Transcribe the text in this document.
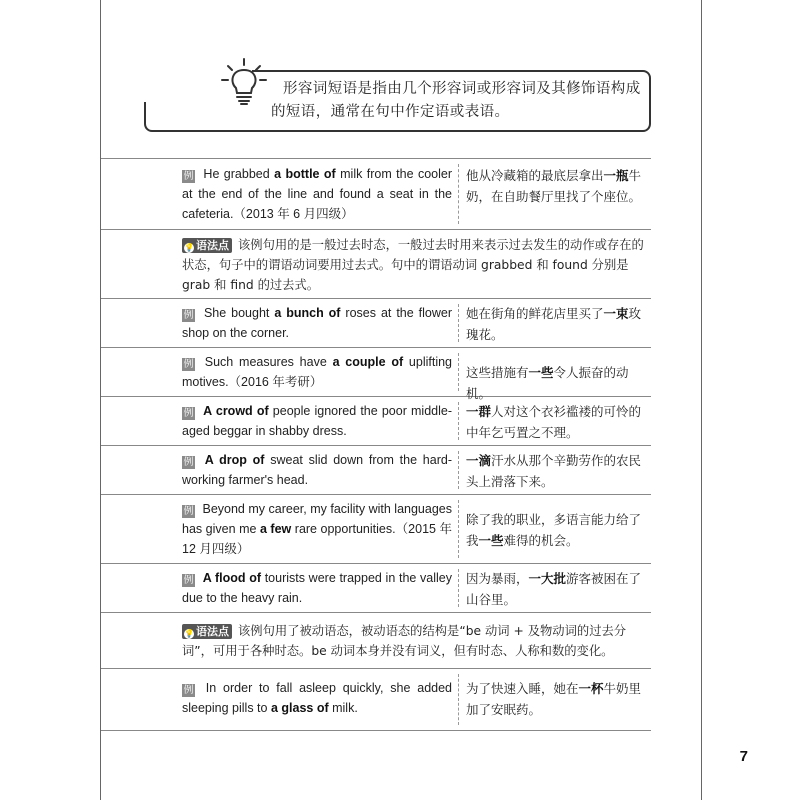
形容词短语是指由几个形容词或形容词及其修饰语构成
的短语，通常在句中作定语或表语。
例 He grabbed a bottle of milk from the cooler at the end of the line and found a seat in the cafeteria.（2013 年 6 月四级）
他从冷藏箱的最底层拿出一瓶牛奶，在自助餐厅里找了个座位。
💡 语法点 该例句用的是一般过去时态，一般过去时用来表示过去发生的动作或存在的状态，句子中的谓语动词要用过去式。句中的谓语动词 grabbed 和 found 分别是 grab 和 find 的过去式。
例 She bought a bunch of roses at the flower shop on the corner.
她在街角的鲜花店里买了一束玫瑰花。
例 Such measures have a couple of uplifting motives.（2016 年考研）
这些措施有一些令人振奋的动机。
例 A crowd of people ignored the poor middle-aged beggar in shabby dress.
一群人对这个衣衫褴褛的可怜的中年乞丐置之不理。
例 A drop of sweat slid down from the hard-working farmer's head.
一滴汗水从那个辛勤劳作的农民头上滑落下来。
例 Beyond my career, my facility with languages has given me a few rare opportunities.（2015 年 12 月四级）
除了我的职业，多语言能力给了我一些难得的机会。
例 A flood of tourists were trapped in the valley due to the heavy rain.
因为暴雨，一大批游客被困在了山谷里。
💡 语法点 该例句用了被动语态，被动语态的结构是“be 动词 + 及物动词的过去分词”，可用于各种时态。be 动词本身并没有词义，但有时态、人称和数的变化。
例 In order to fall asleep quickly, she added sleeping pills to a glass of milk.
为了快速入睡，她在一杯牛奶里加了安眠药。
7
